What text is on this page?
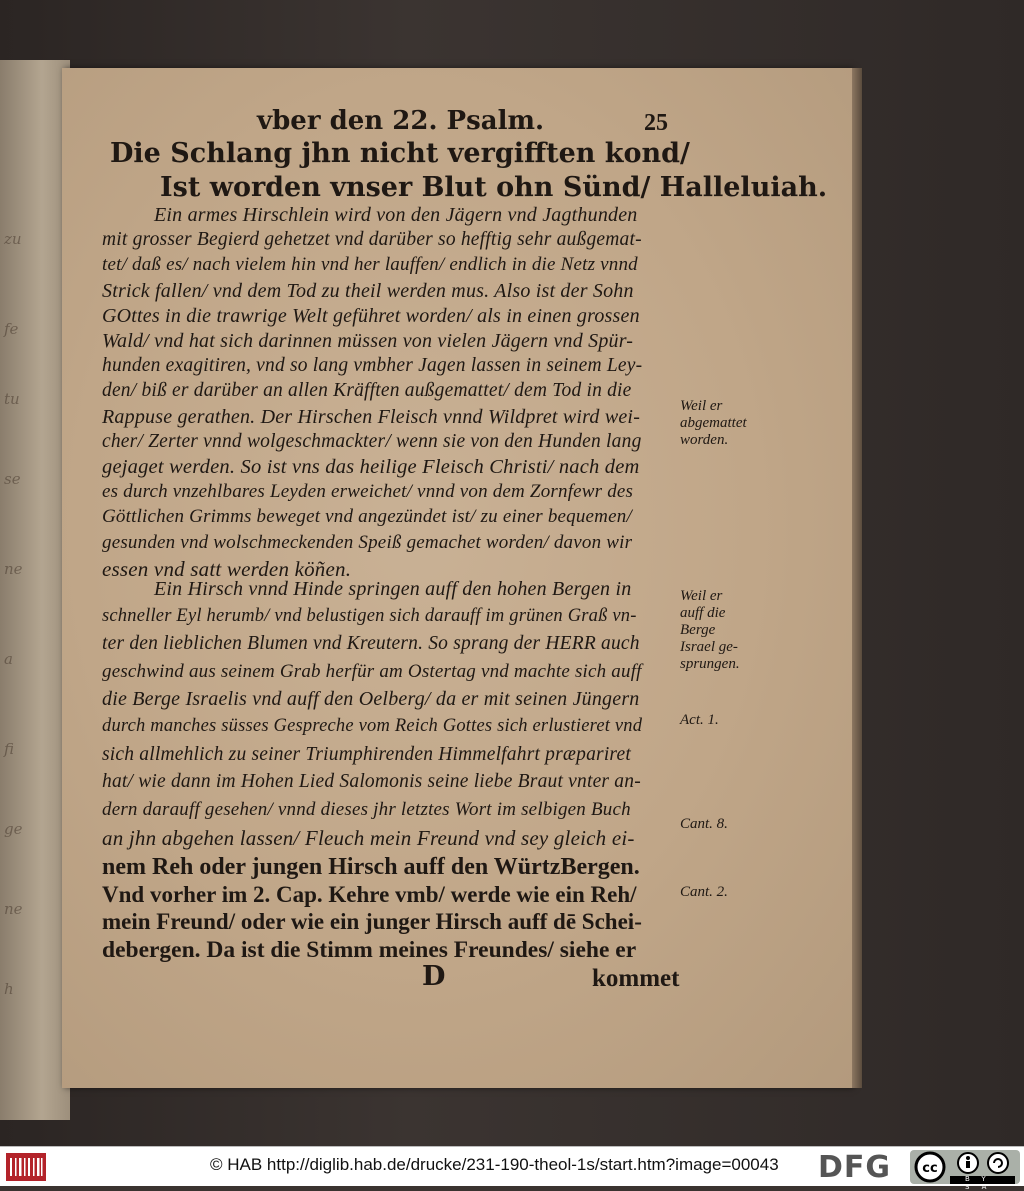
zu
fe
tu
se
ne
a
fi
ge
ne
h
vber den 22. Psalm.	25
Die Schlang jhn nicht vergifften kond/
Ist worden vnser Blut ohn Sünd/ Halleluiah.
Ein armes Hirschlein wird von den Jägern vnd Jagthunden
mit grosser Begierd gehetzet vnd darüber so hefftig sehr außgemat-
tet/ daß es/ nach vielem hin vnd her lauffen/ endlich in die Netz vnnd
Strick fallen/ vnd dem Tod zu theil werden mus. Also ist der Sohn
GOttes in die trawrige Welt geführet worden/ als in einen grossen
Wald/ vnd hat sich darinnen müssen von vielen Jägern vnd Spür-
hunden exagitiren, vnd so lang vmbher Jagen lassen in seinem Ley-
den/ biß er darüber an allen Kräfften außgemattet/ dem Tod in die
Rappuse gerathen. Der Hirschen Fleisch vnnd Wildpret wird wei-
cher/ Zerter vnnd wolgeschmackter/ wenn sie von den Hunden lang
gejaget werden. So ist vns das heilige Fleisch Christi/ nach dem
es durch vnzehlbares Leyden erweichet/ vnnd von dem Zornfewr des
Göttlichen Grimms beweget vnd angezündet ist/ zu einer bequemen/
gesunden vnd wolschmeckenden Speiß gemachet worden/ davon wir
essen vnd satt werden köñen.
Ein Hirsch vnnd Hinde springen auff den hohen Bergen in
schneller Eyl herumb/ vnd belustigen sich darauff im grünen Graß vn-
ter den lieblichen Blumen vnd Kreutern. So sprang der HERR auch
geschwind aus seinem Grab herfür am Ostertag vnd machte sich auff
die Berge Israelis vnd auff den Oelberg/ da er mit seinen Jüngern
durch manches süsses Gespreche vom Reich Gottes sich erlustieret vnd
sich allmehlich zu seiner Triumphirenden Himmelfahrt præpariret
hat/ wie dann im Hohen Lied Salomonis seine liebe Braut vnter an-
dern darauff gesehen/ vnnd dieses jhr letztes Wort im selbigen Buch
an jhn abgehen lassen/ Fleuch mein Freund vnd sey gleich ei-
nem Reh oder jungen Hirsch auff den WürtzBergen.
Vnd vorher im 2. Cap. Kehre vmb/ werde wie ein Reh/
mein Freund/ oder wie ein junger Hirsch auff dē Schei-
debergen. Da ist die Stimm meines Freundes/ siehe er
D	kommet
Weil er
abgemattet
worden.
Weil er
auff die
Berge
Israel ge-
sprungen.
Act. 1.
Cant. 8.
Cant. 2.
© HAB http://diglib.hab.de/drucke/231-190-theol-1s/start.htm?image=00043 DFG cc
BY SA
